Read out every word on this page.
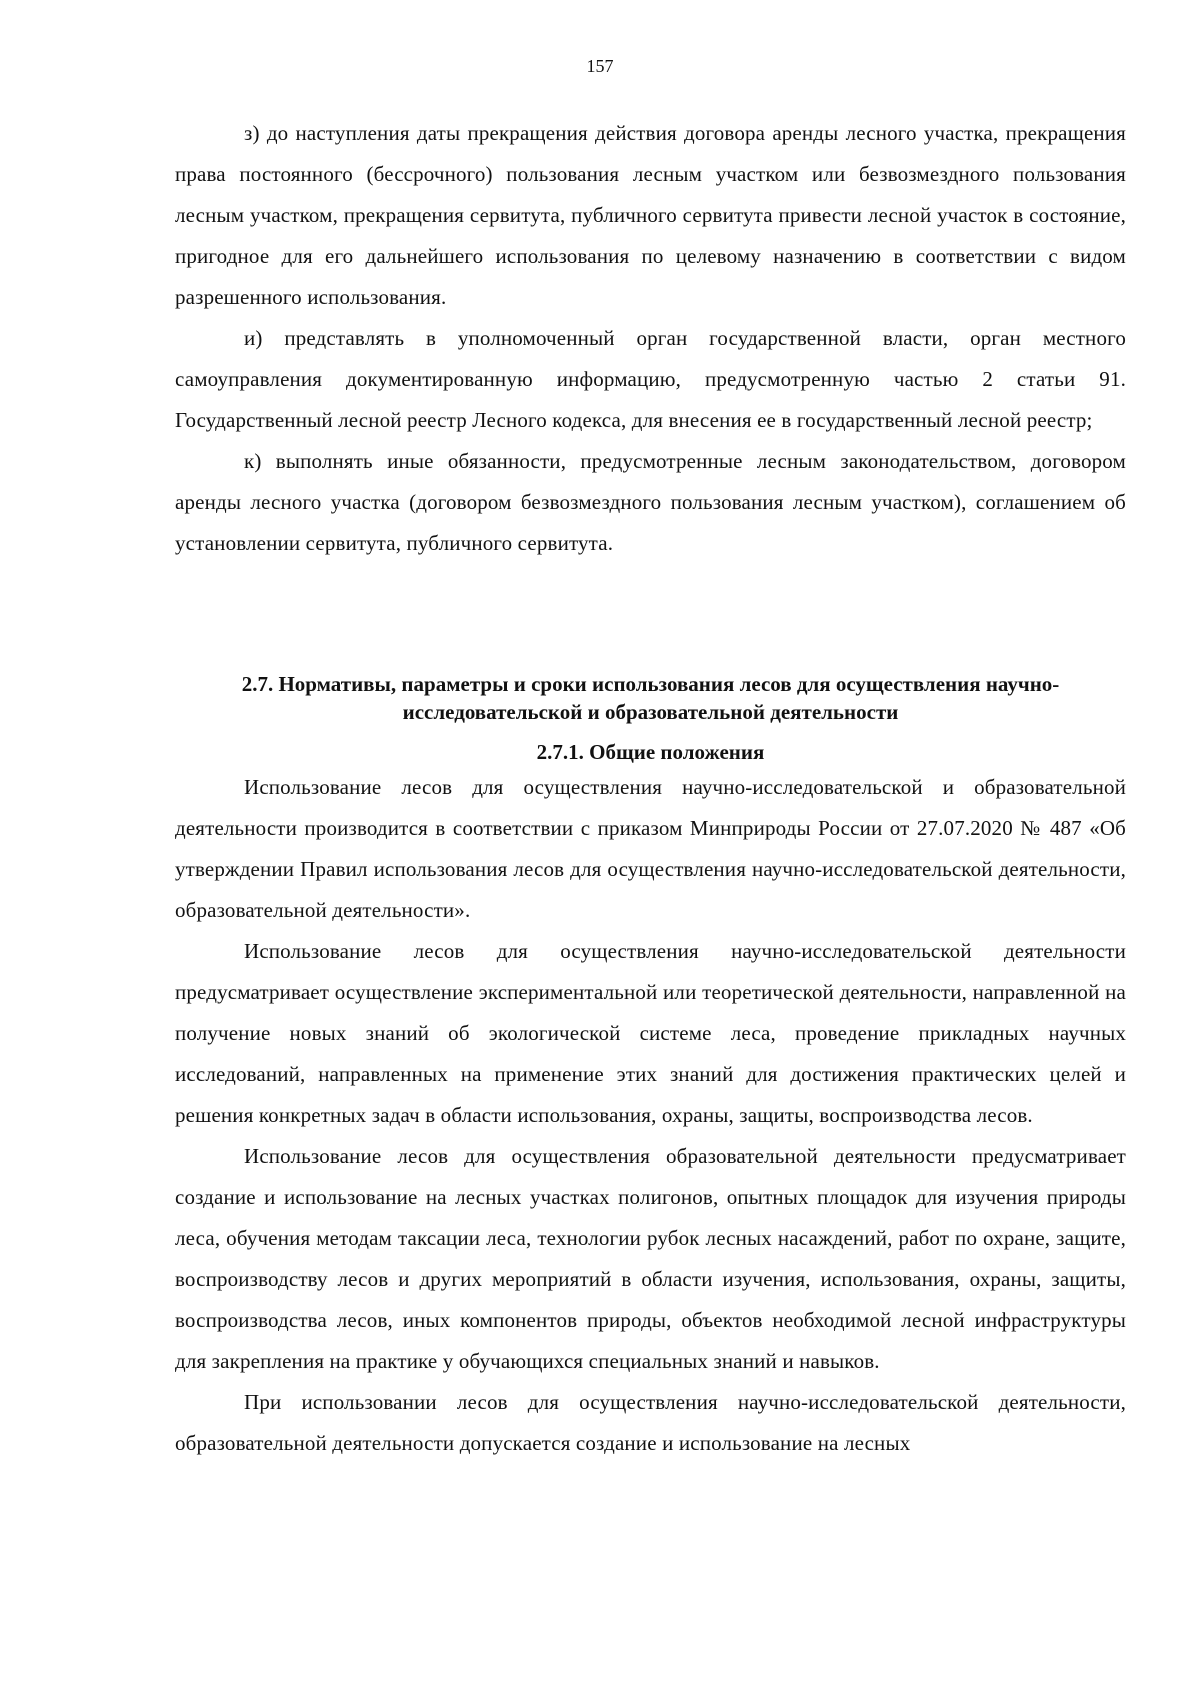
157

з) до наступления даты прекращения действия договора аренды лесного участка, прекращения права постоянного (бессрочного) пользования лесным участком или безвозмездного пользования лесным участком, прекращения сервитута, публичного сервитута привести лесной участок в состояние, пригодное для его дальнейшего использования по целевому назначению в соответствии с видом разрешенного использования.

и) представлять в уполномоченный орган государственной власти, орган местного самоуправления документированную информацию, предусмотренную частью 2 статьи 91. Государственный лесной реестр Лесного кодекса, для внесения ее в государственный лесной реестр;

к) выполнять иные обязанности, предусмотренные лесным законодательством, договором аренды лесного участка (договором безвозмездного пользования лесным участком), соглашением об установлении сервитута, публичного сервитута.

2.7. Нормативы, параметры и сроки использования лесов для осуществления научно-исследовательской и образовательной деятельности
2.7.1. Общие положения

Использование лесов для осуществления научно-исследовательской и образовательной деятельности производится в соответствии с приказом Минприроды России от 27.07.2020 № 487 «Об утверждении Правил использования лесов для осуществления научно-исследовательской деятельности, образовательной деятельности».

Использование лесов для осуществления научно-исследовательской деятельности предусматривает осуществление экспериментальной или теоретической деятельности, направленной на получение новых знаний об экологической системе леса, проведение прикладных научных исследований, направленных на применение этих знаний для достижения практических целей и решения конкретных задач в области использования, охраны, защиты, воспроизводства лесов.

Использование лесов для осуществления образовательной деятельности предусматривает создание и использование на лесных участках полигонов, опытных площадок для изучения природы леса, обучения методам таксации леса, технологии рубок лесных насаждений, работ по охране, защите, воспроизводству лесов и других мероприятий в области изучения, использования, охраны, защиты, воспроизводства лесов, иных компонентов природы, объектов необходимой лесной инфраструктуры для закрепления на практике у обучающихся специальных знаний и навыков.

При использовании лесов для осуществления научно-исследовательской деятельности, образовательной деятельности допускается создание и использование на лесных
